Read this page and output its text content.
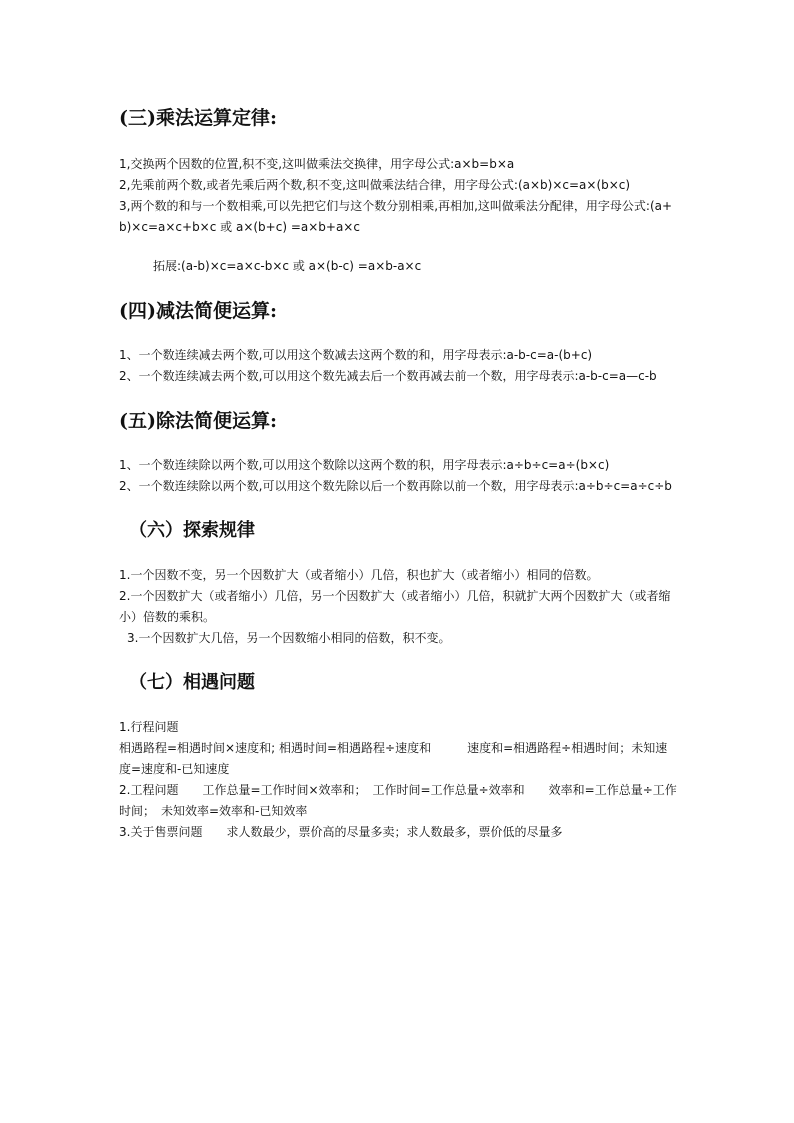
(三)乘法运算定律:

1,交换两个因数的位置,积不变,这叫做乘法交换律，用字母公式:a×b=b×a

2,先乘前两个数,或者先乘后两个数,积不变,这叫做乘法结合律，用字母公式:(a×b)×c=a×(b×c)

3,两个数的和与一个数相乘,可以先把它们与这个数分别相乘,再相加,这叫做乘法分配律，用字母公式:(a+b)×c=a×c+b×c 或 a×(b+c) =a×b+a×c

拓展:(a-b)×c=a×c-b×c 或 a×(b-c) =a×b-a×c

(四)减法简便运算:

1、一个数连续减去两个数,可以用这个数减去这两个数的和，用字母表示:a-b-c=a-(b+c)

2、一个数连续减去两个数,可以用这个数先减去后一个数再减去前一个数，用字母表示:a-b-c=a—c-b

(五)除法简便运算:

1、一个数连续除以两个数,可以用这个数除以这两个数的积，用字母表示:a÷b÷c=a÷(b×c)

2、一个数连续除以两个数,可以用这个数先除以后一个数再除以前一个数，用字母表示:a÷b÷c=a÷c÷b

（六）探索规律

1.一个因数不变，另一个因数扩大（或者缩小）几倍，积也扩大（或者缩小）相同的倍数。

2.一个因数扩大（或者缩小）几倍，另一个因数扩大（或者缩小）几倍，积就扩大两个因数扩大（或者缩小）倍数的乘积。

3.一个因数扩大几倍，另一个因数缩小相同的倍数，积不变。

（七）相遇问题

1.行程问题

相遇路程=相遇时间×速度和; 相遇时间=相遇路程÷速度和　　　速度和=相遇路程÷相遇时间；未知速度=速度和-已知速度

2.工程问题　　工作总量=工作时间×效率和；　工作时间=工作总量÷效率和　　效率和=工作总量÷工作时间；　未知效率=效率和-已知效率

3.关于售票问题　　求人数最少，票价高的尽量多卖；求人数最多，票价低的尽量多
